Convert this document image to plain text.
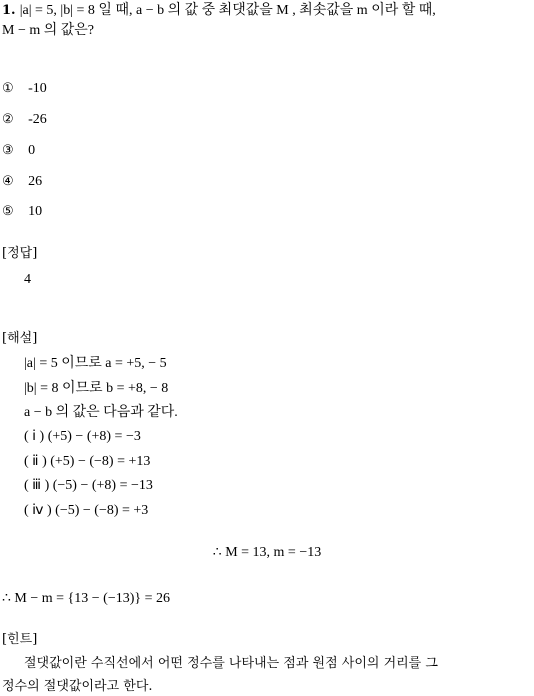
1. |a| = 5, |b| = 8 일 때, a − b 의 값 중 최댓값을 M , 최솟값을 m 이라 할 때,
M − m 의 값은?
① -10
② -26
③ 0
④ 26
⑤ 10
[정답]
4
[해설]
|a| = 5 이므로 a = +5, − 5
|b| = 8 이므로 b = +8, − 8
a − b 의 값은 다음과 같다.
( ⅰ ) (+5) − (+8) = −3
( ⅱ ) (+5) − (−8) = +13
( ⅲ ) (−5) − (+8) = −13
( ⅳ ) (−5) − (−8) = +3
∴ M = 13, m = −13
∴ M − m = {13 − (−13)} = 26
[힌트]
절댓값이란 수직선에서 어떤 정수를 나타내는 점과 원점 사이의 거리를 그
정수의 절댓값이라고 한다.
